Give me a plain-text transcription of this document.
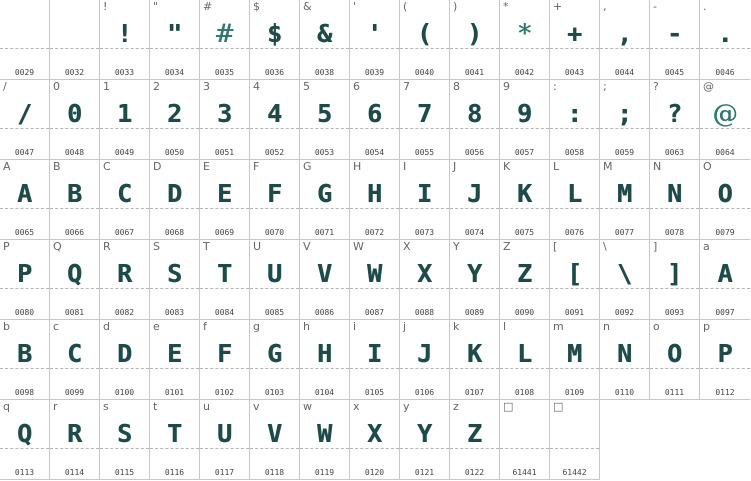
0029	0032
!
!
0033
"
"
0034
#
#
0035
$
$
0036
&
&
0038
'
'
0039
(
(
0040
)
)
0041
*
*
0042
+
+
0043
,
,
0044
-
-
0045
.
.
0046
/
/
0047
0
0
0048
1
1
0049
2
2
0050
3
3
0051
4
4
0052
5
5
0053
6
6
0054
7
7
0055
8
8
0056
9
9
0057
:
:
0058
;
;
0059
?
?
0063
@
@
0064
A
A
0065
B
B
0066
C
C
0067
D
D
0068
E
E
0069
F
F
0070
G
G
0071
H
H
0072
I
I
0073
J
J
0074
K
K
0075
L
L
0076
M
M
0077
N
N
0078
O
O
0079
P
P
0080
Q
Q
0081
R
R
0082
S
S
0083
T
T
0084
U
U
0085
V
V
0086
W
W
0087
X
X
0088
Y
Y
0089
Z
Z
0090
[
[
0091
\
\
0092
]
]
0093
a
A
0097
b
B
0098
c
C
0099
d
D
0100
e
E
0101
f
F
0102
g
G
0103
h
H
0104
i
I
0105
j
J
0106
k
K
0107
l
L
0108
m
M
0109
n
N
0110
o
O
0111
p
P
0112
q
Q
0113
r
R
0114
s
S
0115
t
T
0116
u
U
0117
v
V
0118
w
W
0119
x
X
0120
y
Y
0121
z
Z
0122
□
61441
□
61442
